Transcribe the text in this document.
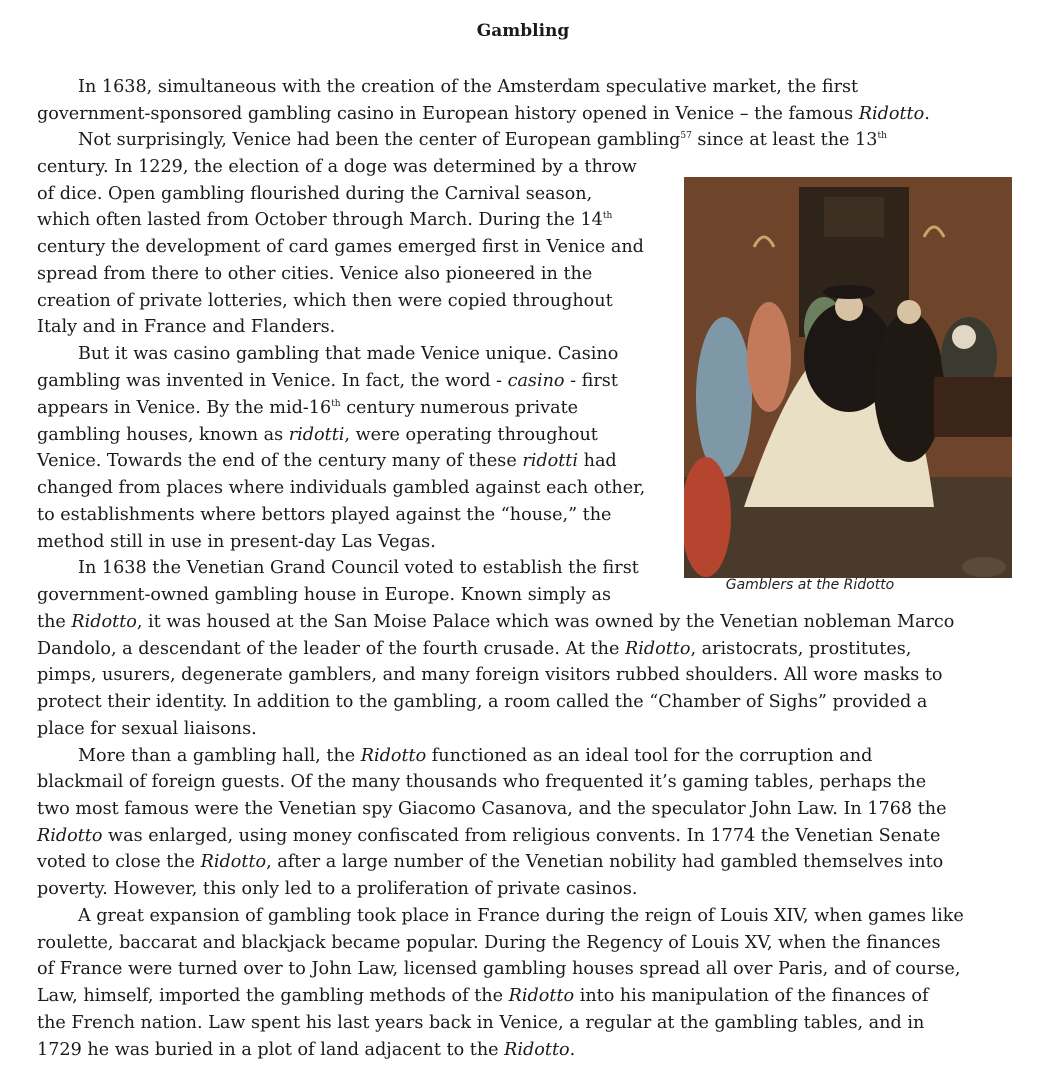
Gambling
In 1638, simultaneous with the creation of the Amsterdam speculative market, the first
government-sponsored gambling casino in European history opened in Venice – the famous Ridotto.
Not surprisingly, Venice had been the center of European gambling$^{57}$ since at least the 13th
century. In 1229, the election of a doge was determined by a throw
of dice. Open gambling flourished during the Carnival season,
which often lasted from October through March. During the 14th
century the development of card games emerged first in Venice and
spread from there to other cities. Venice also pioneered in the
creation of private lotteries, which then were copied throughout
Italy and in France and Flanders.
But it was casino gambling that made Venice unique. Casino
gambling was invented in Venice. In fact, the word - casino - first
appears in Venice. By the mid-16th century numerous private
gambling houses, known as ridotti, were operating throughout
Venice. Towards the end of the century many of these ridotti had
changed from places where individuals gambled against each other,
to establishments where bettors played against the “house,” the
method still in use in present-day Las Vegas.
In 1638 the Venetian Grand Council voted to establish the first
government-owned gambling house in Europe. Known simply as
the Ridotto, it was housed at the San Moise Palace which was owned by the Venetian nobleman Marco
Dandolo, a descendant of the leader of the fourth crusade. At the Ridotto, aristocrats, prostitutes,
pimps, usurers, degenerate gamblers, and many foreign visitors rubbed shoulders. All wore masks to
protect their identity. In addition to the gambling, a room called the “Chamber of Sighs” provided a
place for sexual liaisons.
More than a gambling hall, the Ridotto functioned as an ideal tool for the corruption and
blackmail of foreign guests. Of the many thousands who frequented it’s gaming tables, perhaps the
two most famous were the Venetian spy Giacomo Casanova, and the speculator John Law. In 1768 the
Ridotto was enlarged, using money confiscated from religious convents. In 1774 the Venetian Senate
voted to close the Ridotto, after a large number of the Venetian nobility had gambled themselves into
poverty. However, this only led to a proliferation of private casinos.
A great expansion of gambling took place in France during the reign of Louis XIV, when games like
roulette, baccarat and blackjack became popular. During the Regency of Louis XV, when the finances
of France were turned over to John Law, licensed gambling houses spread all over Paris, and of course,
Law, himself, imported the gambling methods of the Ridotto into his manipulation of the finances of
the French nation. Law spent his last years back in Venice, a regular at the gambling tables, and in
1729 he was buried in a plot of land adjacent to the Ridotto.
Gamblers at the Ridotto
